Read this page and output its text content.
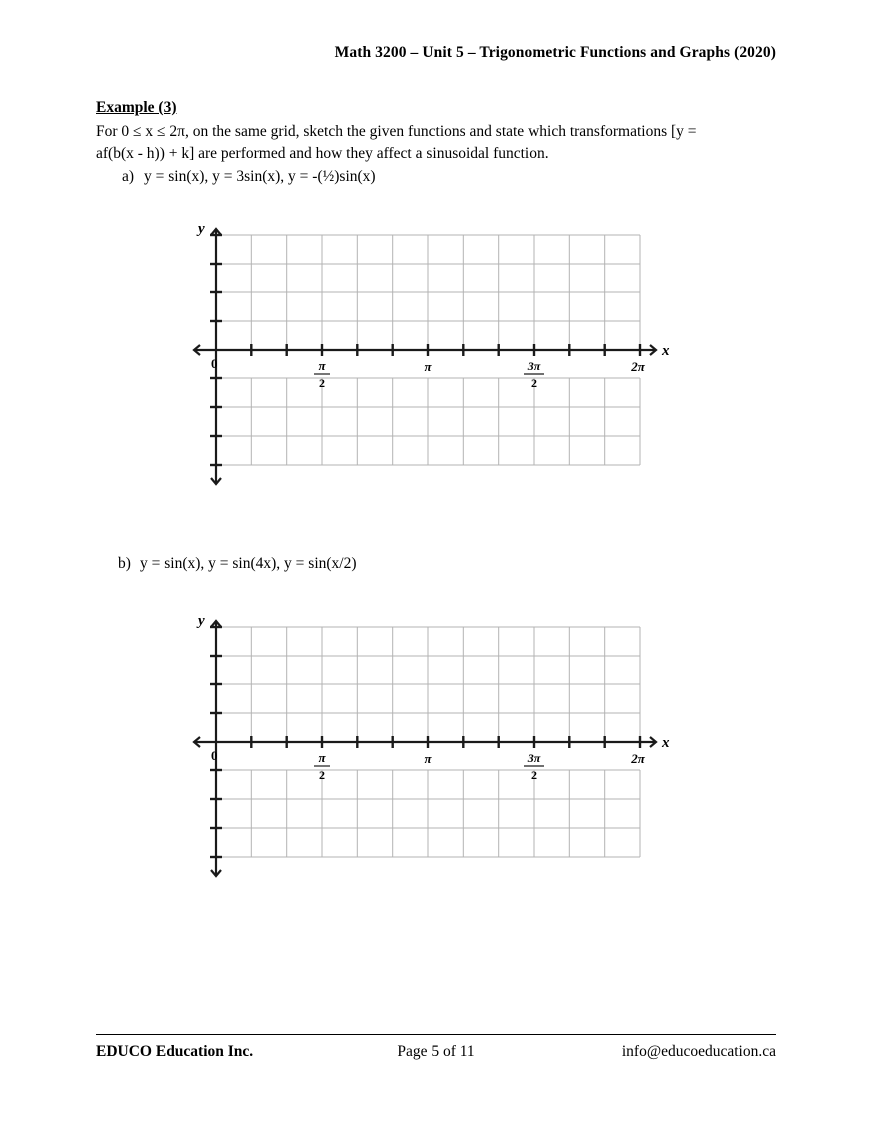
Math 3200 – Unit 5 – Trigonometric Functions and Graphs (2020)
Example (3)
For 0 ≤ x ≤ 2π, on the same grid, sketch the given functions and state which transformations [y =
af(b(x - h)) + k] are performed and how they affect a sinusoidal function.
a) y = sin(x), y = 3sin(x), y = -(½)sin(x)
y
x
0	π
2
π	3π
2
2π
b) y = sin(x), y = sin(4x), y = sin(x/2)
y
x
0	π
2
π	3π
2
2π
EDUCO Education Inc.	Page 5 of 11	info@educoeducation.ca
